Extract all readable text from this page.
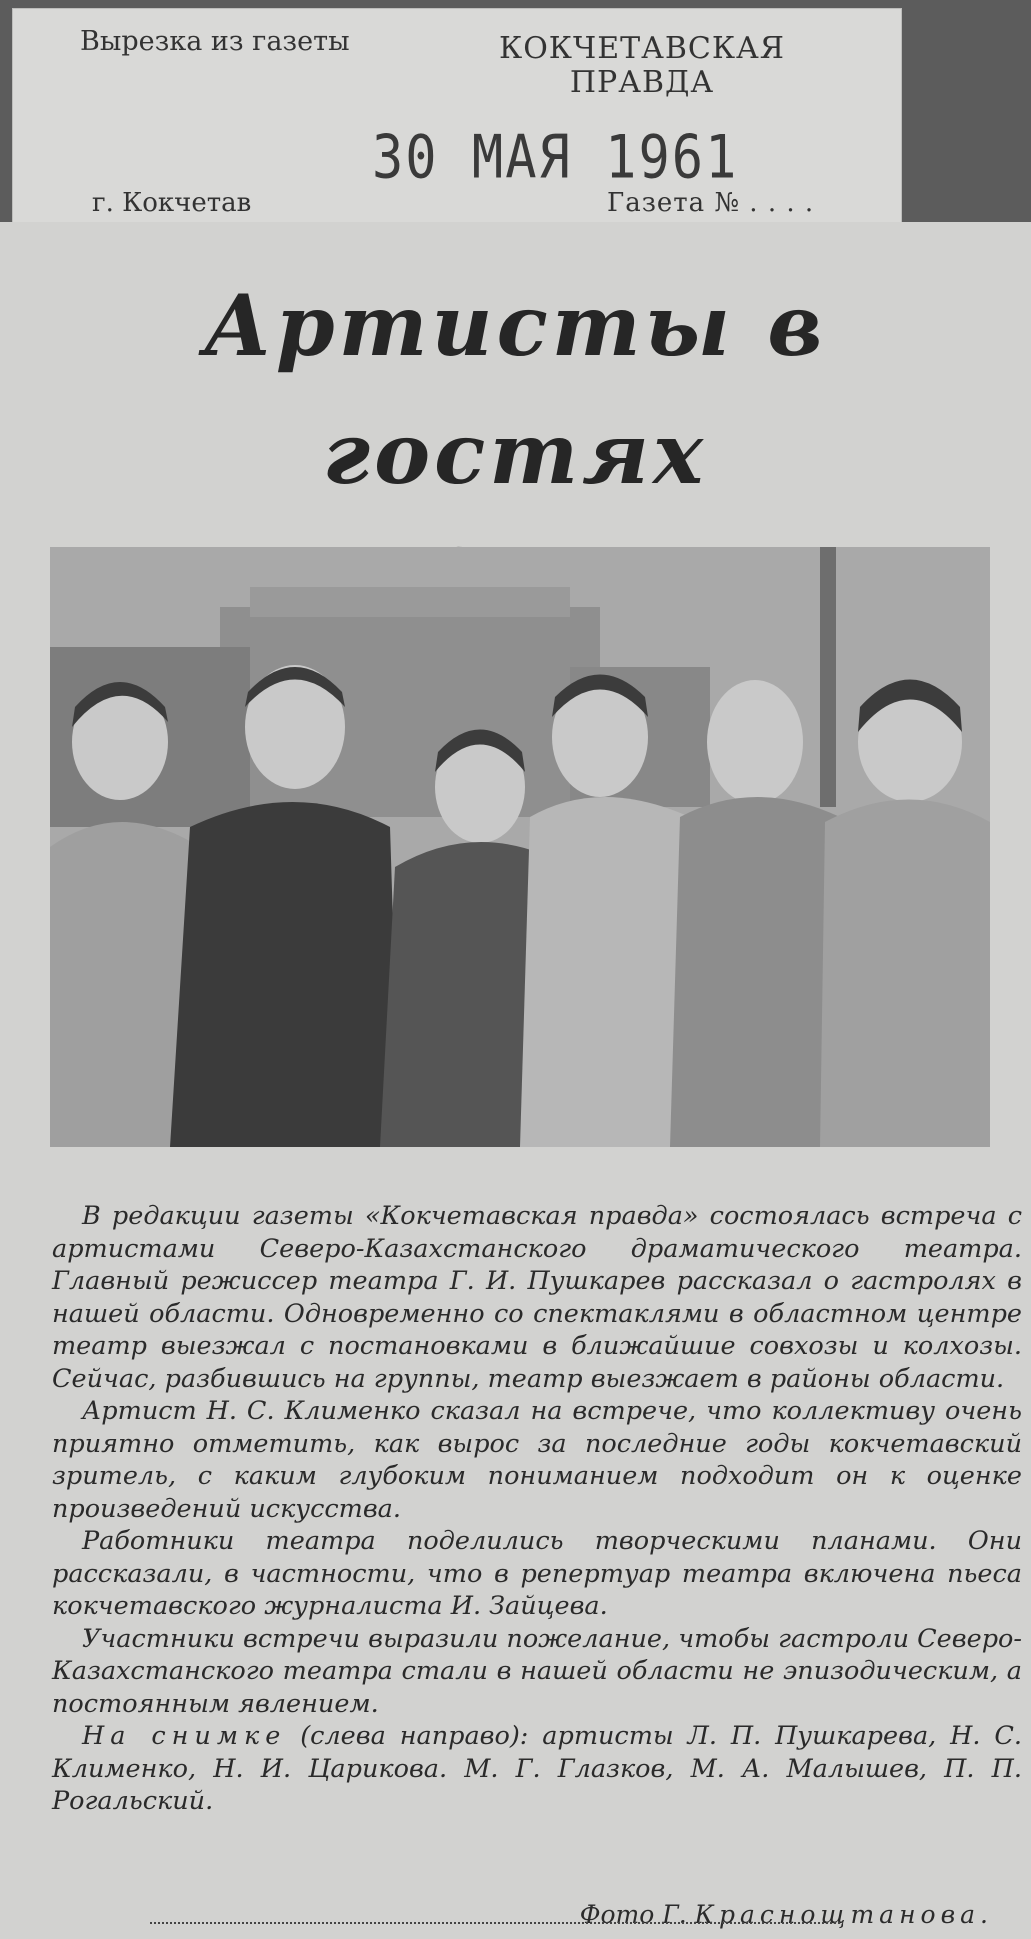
Вырезка из газеты	КОКЧЕТАВСКАЯ ПРАВДА
30 МАЯ 1961
г. Кокчетав	Газета № . . . .
Артисты в гостях

В редакции газеты «Кокчетавская правда» состоялась встреча с артистами Северо-Казахстанского драматического театра. Главный режиссер театра Г. И. Пушкарев рассказал о гастролях в нашей области. Одновременно со спектаклями в областном центре театр выезжал с постановками в ближайшие совхозы и колхозы. Сейчас, разбившись на группы, театр выезжает в районы области.

Артист Н. С. Клименко сказал на встрече, что коллективу очень приятно отметить, как вырос за последние годы кокчетавский зритель, с каким глубоким пониманием подходит он к оценке произведений искусства.

Работники театра поделились творческими планами. Они рассказали, в частности, что в репертуар театра включена пьеса кокчетавского журналиста И. Зайцева.

Участники встречи выразили пожелание, чтобы гастроли Северо-Казахстанского театра стали в нашей области не эпизодическим, а постоянным явлением.

На снимке (слева направо): артисты Л. П. Пушкарева, Н. С. Клименко, Н. И. Царикова. М. Г. Глазков, М. А. Малышев, П. П. Рогальский.

Фото Г. Краснощтанова.
